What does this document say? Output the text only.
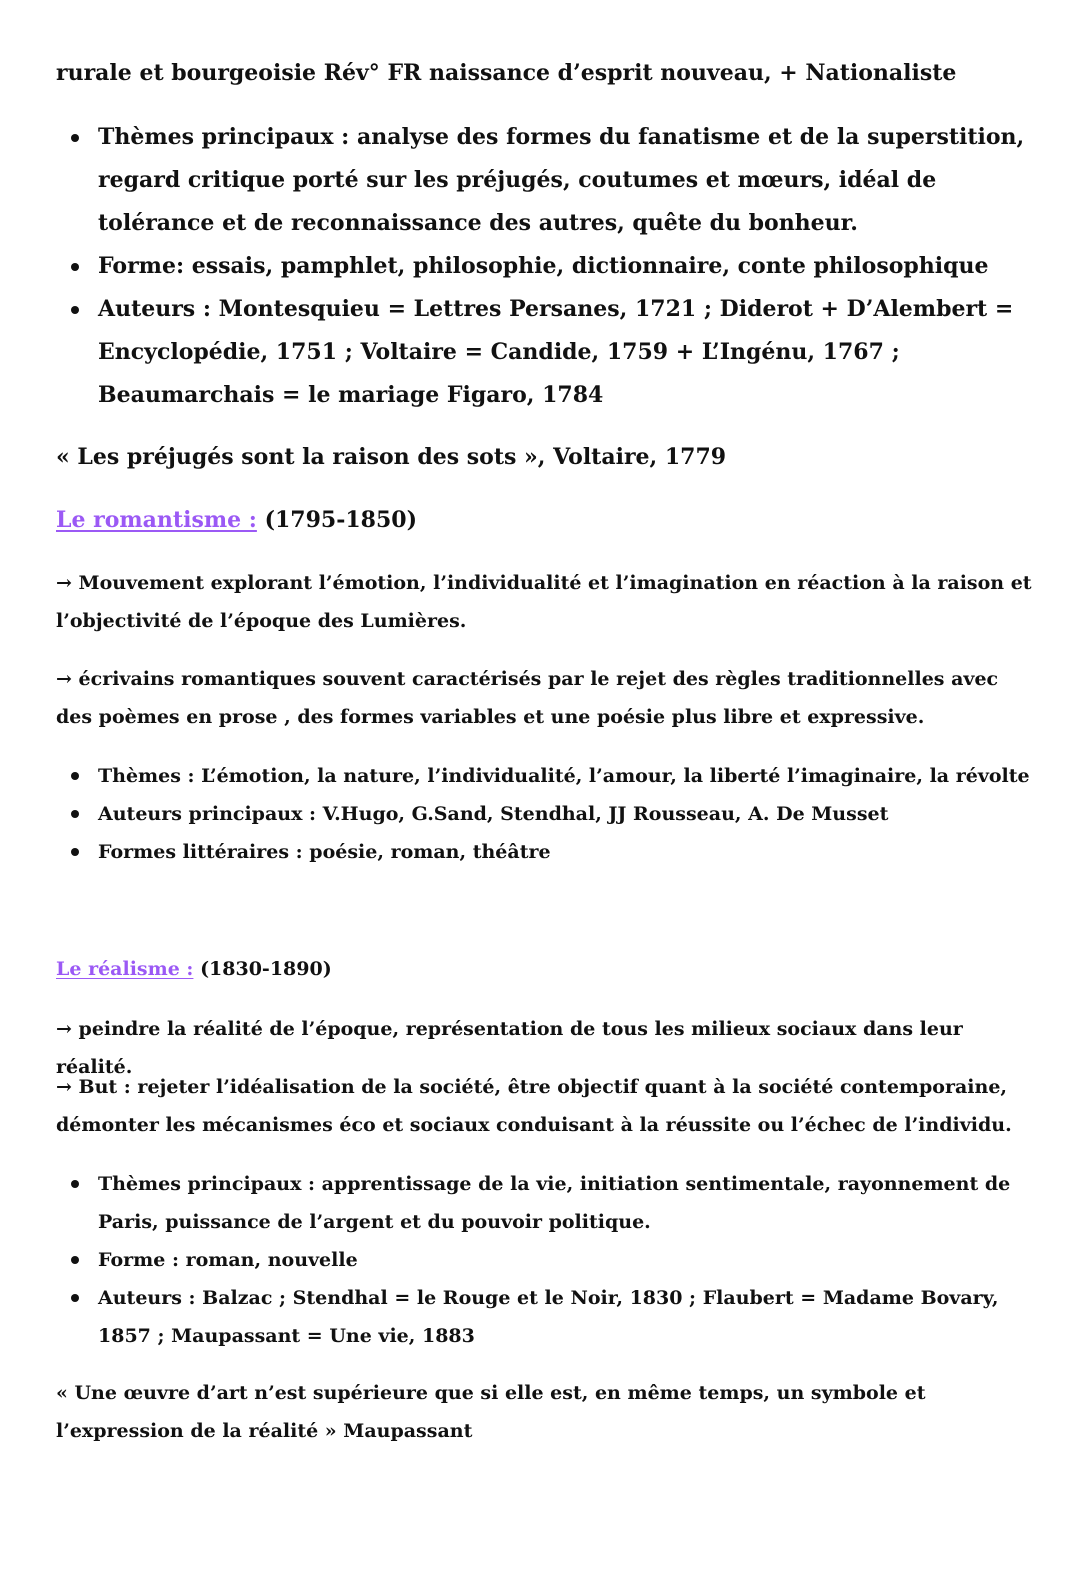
rurale et bourgeoisie Rév° FR naissance d’esprit nouveau, + Nationaliste

Thèmes principaux : analyse des formes du fanatisme et de la superstition, regard critique porté sur les préjugés, coutumes et mœurs, idéal de tolérance et de reconnaissance des autres, quête du bonheur.
Forme: essais, pamphlet, philosophie, dictionnaire, conte philosophique
Auteurs : Montesquieu = Lettres Persanes, 1721 ; Diderot + D’Alembert = Encyclopédie, 1751 ; Voltaire = Candide, 1759 + L’Ingénu, 1767 ; Beaumarchais = le mariage Figaro, 1784

« Les préjugés sont la raison des sots », Voltaire, 1779

Le romantisme : (1795-1850)

→ Mouvement explorant l’émotion, l’individualité et l’imagination en réaction à la raison et l’objectivité de l’époque des Lumières.

→ écrivains romantiques souvent caractérisés par le rejet des règles traditionnelles avec des poèmes en prose , des formes variables et une poésie plus libre et expressive.

Thèmes : L’émotion, la nature, l’individualité, l’amour, la liberté l’imaginaire, la révolte
Auteurs principaux : V.Hugo, G.Sand, Stendhal, JJ Rousseau, A. De Musset
Formes littéraires : poésie, roman, théâtre

Le réalisme : (1830-1890)

→ peindre la réalité de l’époque, représentation de tous les milieux sociaux dans leur réalité.

→ But : rejeter l’idéalisation de la société, être objectif quant à la société contemporaine, démonter les mécanismes éco et sociaux conduisant à la réussite ou l’échec de l’individu.

Thèmes principaux : apprentissage de la vie, initiation sentimentale, rayonnement de Paris, puissance de l’argent et du pouvoir politique.
Forme : roman, nouvelle
Auteurs : Balzac ; Stendhal = le Rouge et le Noir, 1830 ; Flaubert = Madame Bovary, 1857 ; Maupassant = Une vie, 1883

« Une œuvre d’art n’est supérieure que si elle est, en même temps, un symbole et l’expression de la réalité » Maupassant
